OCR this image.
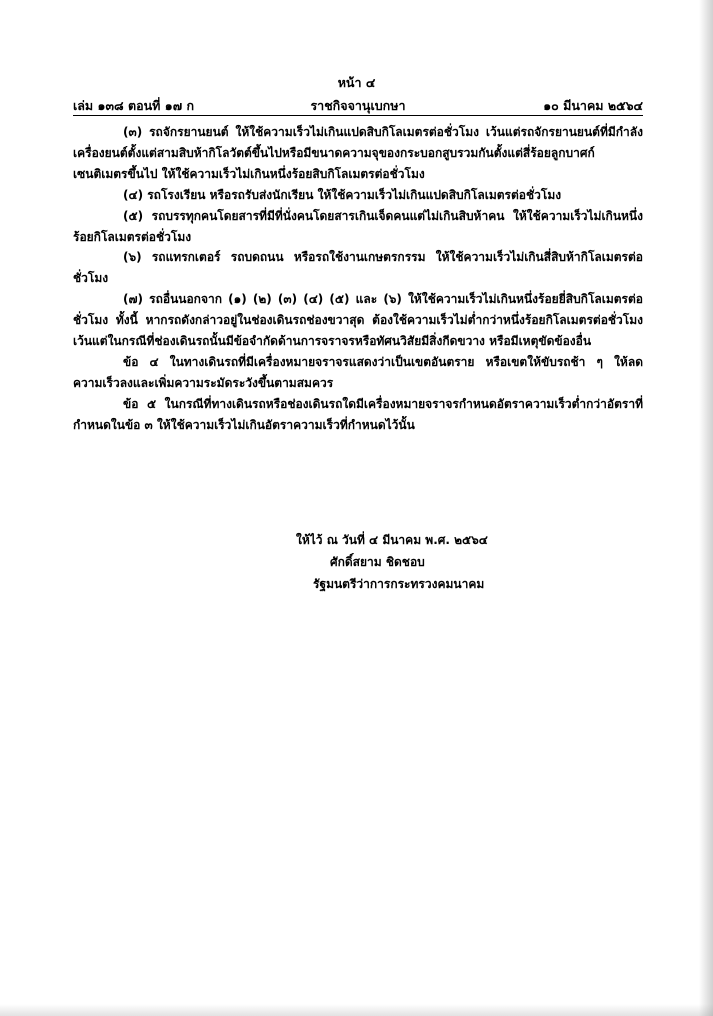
หน้า ๔
ราชกิจจานุเบกษา
เล่ม ๑๓๘ ตอนที่ ๑๗ ก	๑๐ มีนาคม ๒๕๖๔

(๓) รถจักรยานยนต์ ให้ใช้ความเร็วไม่เกินแปดสิบกิโลเมตรต่อชั่วโมง เว้นแต่รถจักรยานยนต์ที่มีกำลังเครื่องยนต์ตั้งแต่สามสิบห้ากิโลวัตต์ขึ้นไปหรือมีขนาดความจุของกระบอกสูบรวมกันตั้งแต่สี่ร้อยลูกบาศก์เซนติเมตรขึ้นไป ให้ใช้ความเร็วไม่เกินหนึ่งร้อยสิบกิโลเมตรต่อชั่วโมง

(๔) รถโรงเรียน หรือรถรับส่งนักเรียน ให้ใช้ความเร็วไม่เกินแปดสิบกิโลเมตรต่อชั่วโมง

(๕) รถบรรทุกคนโดยสารที่มีที่นั่งคนโดยสารเกินเจ็ดคนแต่ไม่เกินสิบห้าคน ให้ใช้ความเร็วไม่เกินหนึ่งร้อยกิโลเมตรต่อชั่วโมง

(๖) รถแทรกเตอร์ รถบดถนน หรือรถใช้งานเกษตรกรรม ให้ใช้ความเร็วไม่เกินสี่สิบห้ากิโลเมตรต่อชั่วโมง

(๗) รถอื่นนอกจาก (๑) (๒) (๓) (๔) (๕) และ (๖) ให้ใช้ความเร็วไม่เกินหนึ่งร้อยยี่สิบกิโลเมตรต่อชั่วโมง ทั้งนี้ หากรถดังกล่าวอยู่ในช่องเดินรถช่องขวาสุด ต้องใช้ความเร็วไม่ต่ำกว่าหนึ่งร้อยกิโลเมตรต่อชั่วโมง เว้นแต่ในกรณีที่ช่องเดินรถนั้นมีข้อจำกัดด้านการจราจรหรือทัศนวิสัยมีสิ่งกีดขวาง หรือมีเหตุขัดข้องอื่น

ข้อ ๔ ในทางเดินรถที่มีเครื่องหมายจราจรแสดงว่าเป็นเขตอันตราย หรือเขตให้ขับรถช้า ๆ ให้ลดความเร็วลงและเพิ่มความระมัดระวังขึ้นตามสมควร

ข้อ ๕ ในกรณีที่ทางเดินรถหรือช่องเดินรถใดมีเครื่องหมายจราจรกำหนดอัตราความเร็วต่ำกว่าอัตราที่กำหนดในข้อ ๓ ให้ใช้ความเร็วไม่เกินอัตราความเร็วที่กำหนดไว้นั้น

ให้ไว้ ณ วันที่ ๔ มีนาคม พ.ศ. ๒๕๖๔
ศักดิ์สยาม ชิดชอบ
รัฐมนตรีว่าการกระทรวงคมนาคม
